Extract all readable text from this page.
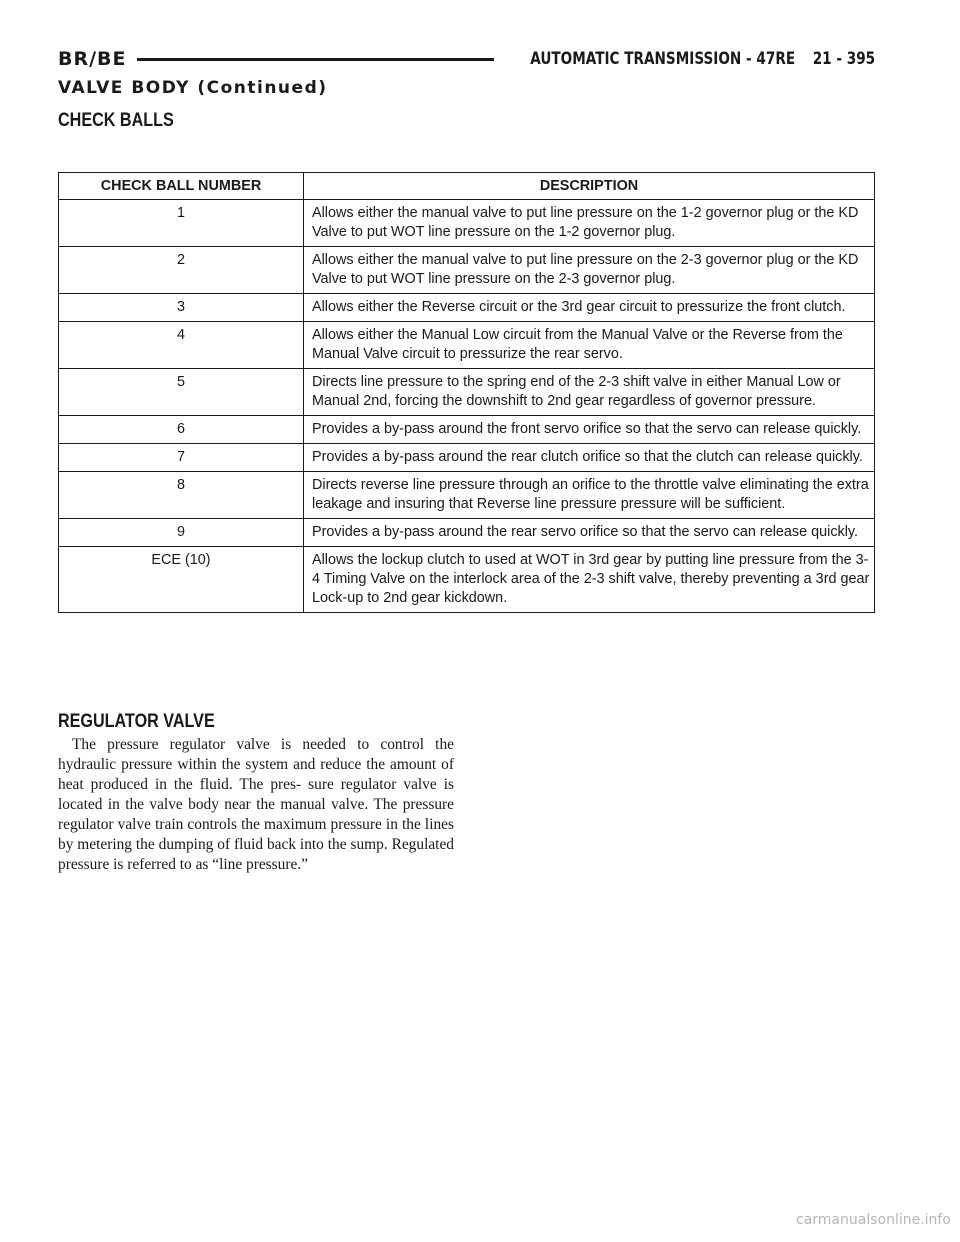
BR/BE	AUTOMATIC TRANSMISSION - 47RE 21 - 395
VALVE BODY (Continued)
CHECK BALLS
CHECK BALL NUMBER	DESCRIPTION
1	Allows either the manual valve to put line pressure on the 1-2 governor plug or the KD Valve to put WOT line pressure on the 1-2 governor plug.
2	Allows either the manual valve to put line pressure on the 2-3 governor plug or the KD Valve to put WOT line pressure on the 2-3 governor plug.
3	Allows either the Reverse circuit or the 3rd gear circuit to pressurize the front clutch.
4	Allows either the Manual Low circuit from the Manual Valve or the Reverse from the Manual Valve circuit to pressurize the rear servo.
5	Directs line pressure to the spring end of the 2-3 shift valve in either Manual Low or Manual 2nd, forcing the downshift to 2nd gear regardless of governor pressure.
6	Provides a by-pass around the front servo orifice so that the servo can release quickly.
7	Provides a by-pass around the rear clutch orifice so that the clutch can release quickly.
8	Directs reverse line pressure through an orifice to the throttle valve eliminating the extra leakage and insuring that Reverse line pressure pressure will be sufficient.
9	Provides a by-pass around the rear servo orifice so that the servo can release quickly.
ECE (10)	Allows the lockup clutch to used at WOT in 3rd gear by putting line pressure from the 3-4 Timing Valve on the interlock area of the 2-3 shift valve, thereby preventing a 3rd gear Lock-up to 2nd gear kickdown.
REGULATOR VALVE

The pressure regulator valve is needed to control the hydraulic pressure within the system and reduce the amount of heat produced in the fluid. The pres- sure regulator valve is located in the valve body near the manual valve. The pressure regulator valve train controls the maximum pressure in the lines by metering the dumping of fluid back into the sump. Regulated pressure is referred to as “line pressure.”

carmanualsonline.info
